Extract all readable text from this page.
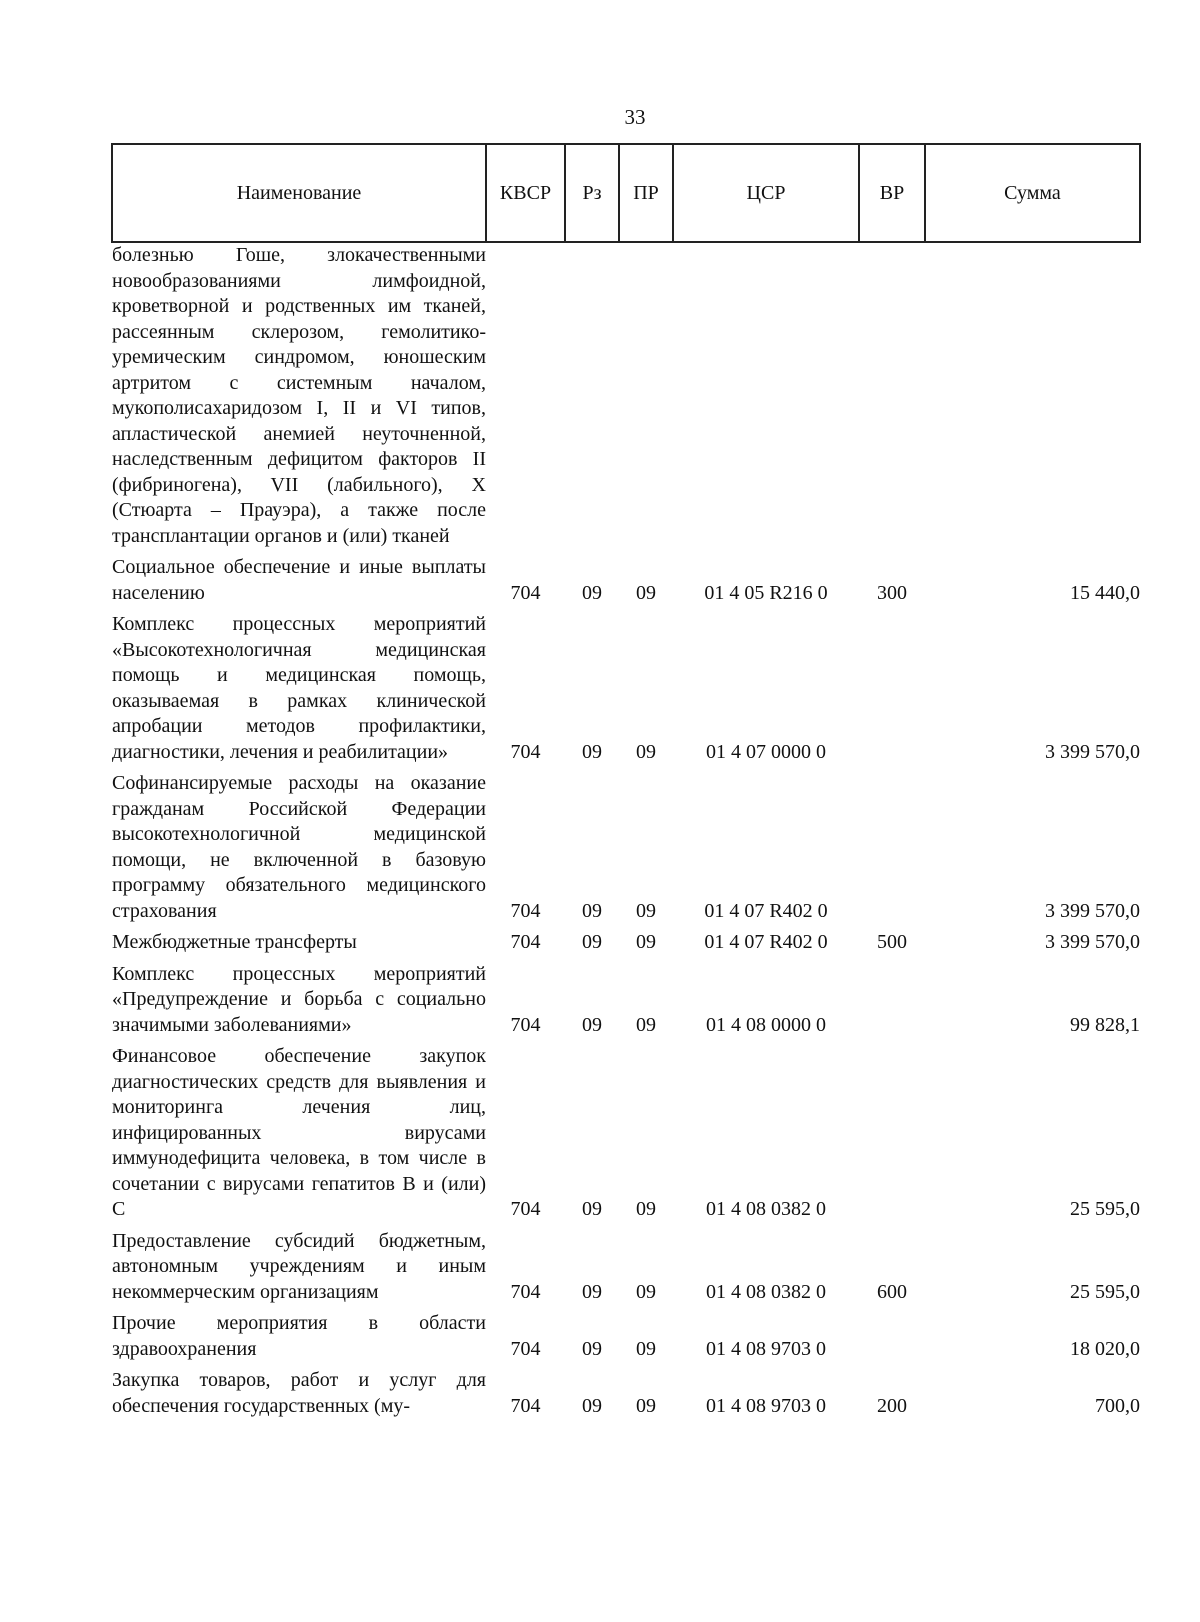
33
Наименование	КВСР	Рз	ПР	ЦСР	ВР	Сумма
болезнью Гоше, злокачественными новообразованиями лимфоидной, кроветворной и родственных им тканей, рассеянным склерозом, гемолитико-уремическим синдромом, юношеским артритом с системным началом, мукополисахаридозом I, II и VI типов, апластической анемией неуточненной, наследственным дефицитом факторов II (фибриногена), VII (лабильного), X (Стюарта – Прауэра), а также после трансплантации органов и (или) тканей						
Социальное обеспечение и иные выплаты населению	704	09	09	01 4 05 R216 0	300	15 440,0
Комплекс процессных мероприятий «Высокотехнологичная медицинская помощь и медицинская помощь, оказываемая в рамках клинической апробации методов профилактики, диагностики, лечения и реабилитации»	704	09	09	01 4 07 0000 0		3 399 570,0
Софинансируемые расходы на оказание гражданам Российской Федерации высокотехнологичной медицинской помощи, не включенной в базовую программу обязательного медицинского страхования	704	09	09	01 4 07 R402 0		3 399 570,0
Межбюджетные трансферты	704	09	09	01 4 07 R402 0	500	3 399 570,0
Комплекс процессных мероприятий «Предупреждение и борьба с социально значимыми заболеваниями»	704	09	09	01 4 08 0000 0		99 828,1
Финансовое обеспечение закупок диагностических средств для выявления и мониторинга лечения лиц, инфицированных вирусами иммунодефицита человека, в том числе в сочетании с вирусами гепатитов В и (или) С	704	09	09	01 4 08 0382 0		25 595,0
Предоставление субсидий бюджетным, автономным учреждениям и иным некоммерческим организациям	704	09	09	01 4 08 0382 0	600	25 595,0
Прочие мероприятия в области здравоохранения	704	09	09	01 4 08 9703 0		18 020,0
Закупка товаров, работ и услуг для обеспечения государственных (му-	704	09	09	01 4 08 9703 0	200	700,0
